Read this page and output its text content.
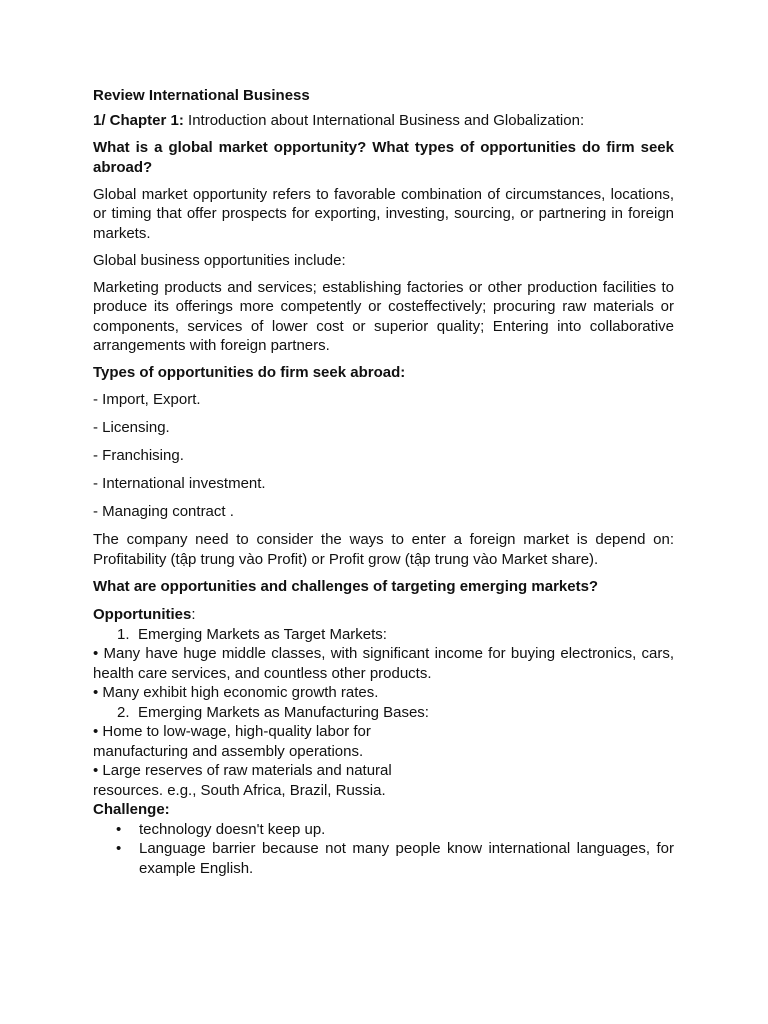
Review International Business

1/ Chapter 1: Introduction about International Business and Globalization:

What is a global market opportunity? What types of opportunities do firm seek abroad?

Global market opportunity refers to favorable combination of circumstances, locations, or timing that offer prospects for exporting, investing, sourcing, or partnering in foreign markets.

Global business opportunities include:

Marketing products and services; establishing factories or other production facilities to produce its offerings more competently or costeffectively; procuring raw materials or components, services of lower cost or superior quality; Entering into collaborative arrangements with foreign partners.

Types of opportunities do firm seek abroad:

- Import, Export.

- Licensing.

- Franchising.

- International investment.

- Managing contract .

The company need to consider the ways to enter a foreign market is depend on: Profitability (tập trung vào Profit) or Profit grow (tập trung vào Market share).

What are opportunities and challenges of targeting emerging markets?

Opportunities:

1. Emerging Markets as Target Markets:

• Many have huge middle classes, with significant income for buying electronics, cars, health care services, and countless other products.

• Many exhibit high economic growth rates.

2. Emerging Markets as Manufacturing Bases:

• Home to low-wage, high-quality labor for

manufacturing and assembly operations.

• Large reserves of raw materials and natural

resources. e.g., South Africa, Brazil, Russia.

Challenge:

•	technology doesn't keep up.
•	Language barrier because not many people know international languages, for example English.
